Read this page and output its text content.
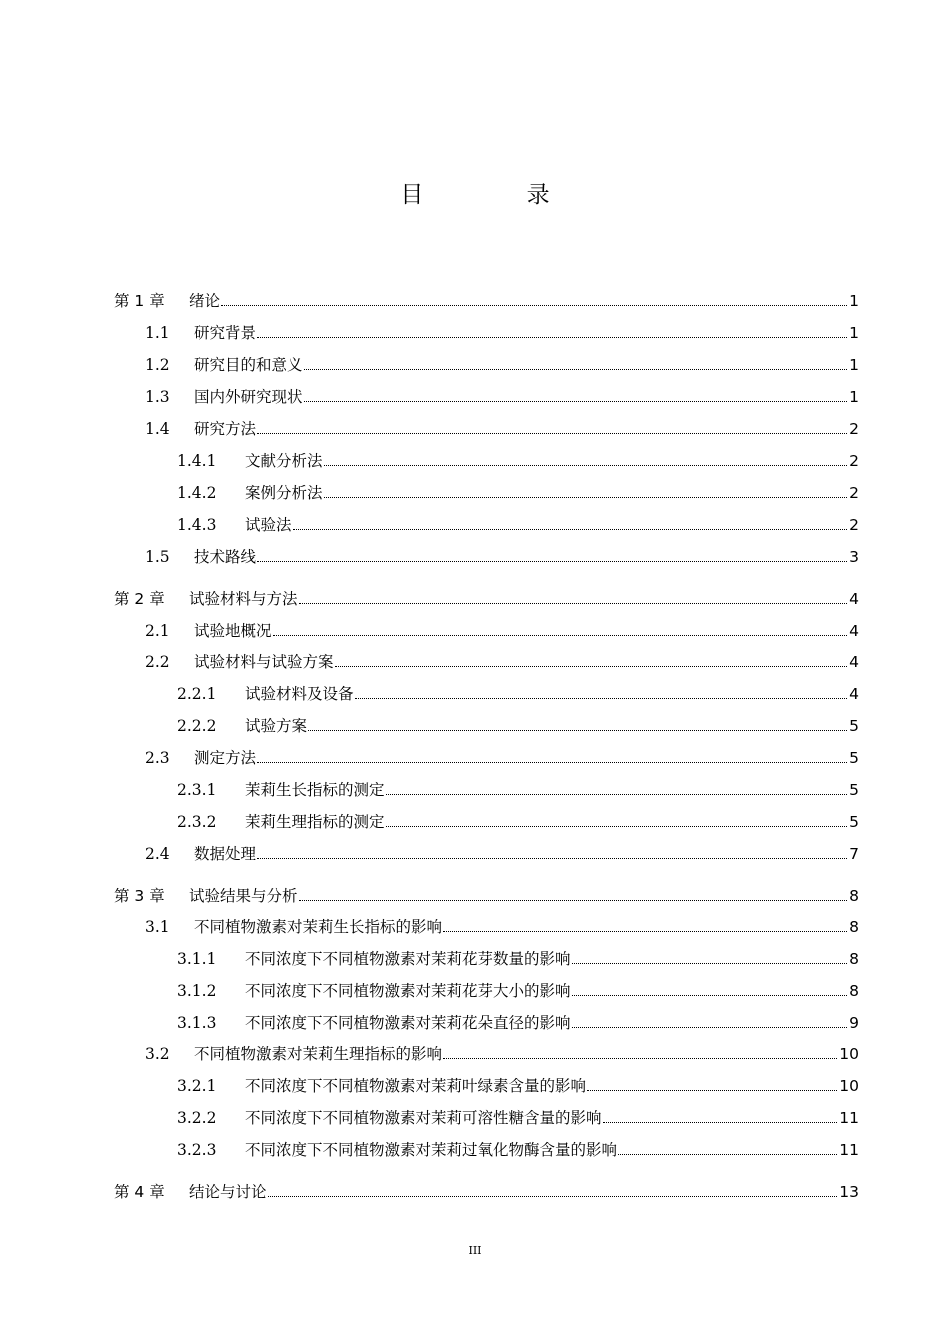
目 录
第 1 章	绪论	1
1.1	研究背景	1
1.2	研究目的和意义	1
1.3	国内外研究现状	1
1.4	研究方法	2
1.4.1	文献分析法	2
1.4.2	案例分析法	2
1.4.3	试验法	2
1.5	技术路线	3
第 2 章	试验材料与方法	4
2.1	试验地概况	4
2.2	试验材料与试验方案	4
2.2.1	试验材料及设备	4
2.2.2	试验方案	5
2.3	测定方法	5
2.3.1	茉莉生长指标的测定	5
2.3.2	茉莉生理指标的测定	5
2.4	数据处理	7
第 3 章	试验结果与分析	8
3.1	不同植物激素对茉莉生长指标的影响	8
3.1.1	不同浓度下不同植物激素对茉莉花芽数量的影响	8
3.1.2	不同浓度下不同植物激素对茉莉花芽大小的影响	8
3.1.3	不同浓度下不同植物激素对茉莉花朵直径的影响	9
3.2	不同植物激素对茉莉生理指标的影响	10
3.2.1	不同浓度下不同植物激素对茉莉叶绿素含量的影响	10
3.2.2	不同浓度下不同植物激素对茉莉可溶性糖含量的影响	11
3.2.3	不同浓度下不同植物激素对茉莉过氧化物酶含量的影响	11
第 4 章	结论与讨论	13
III
